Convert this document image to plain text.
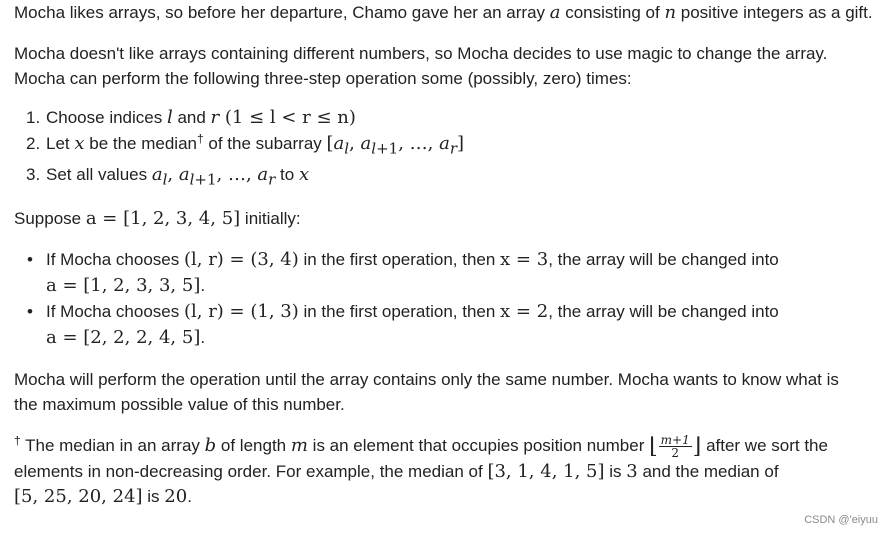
Mocha likes arrays, so before her departure, Chamo gave her an array a consisting of n positive integers as a gift.

Mocha doesn't like arrays containing different numbers, so Mocha decides to use magic to change the array.
Mocha can perform the following three-step operation some (possibly, zero) times:

1. Choose indices l and r (1 ≤ l < r ≤ n)
2. Let x be the median† of the subarray [$a_l$, $a_{l+1}$, …, $a_r$]
3. Set all values $a_l$, $a_{l+1}$, …, $a_r$ to x

Suppose a = [1, 2, 3, 4, 5] initially:

• If Mocha chooses (l, r) = (3, 4) in the first operation, then x = 3, the array will be changed into
a = [1, 2, 3, 3, 5].
• If Mocha chooses (l, r) = (1, 3) in the first operation, then x = 2, the array will be changed into
a = [2, 2, 2, 4, 5].

Mocha will perform the operation until the array contains only the same number. Mocha wants to know what is
the maximum possible value of this number.

† The median in an array b of length m is an element that occupies position number ⌊ $\frac{m+1}{2}$ ⌋ after we sort the
elements in non-decreasing order. For example, the median of [3, 1, 4, 1, 5] is 3 and the median of
[5, 25, 20, 24] is 20.

CSDN @'eiyuu
